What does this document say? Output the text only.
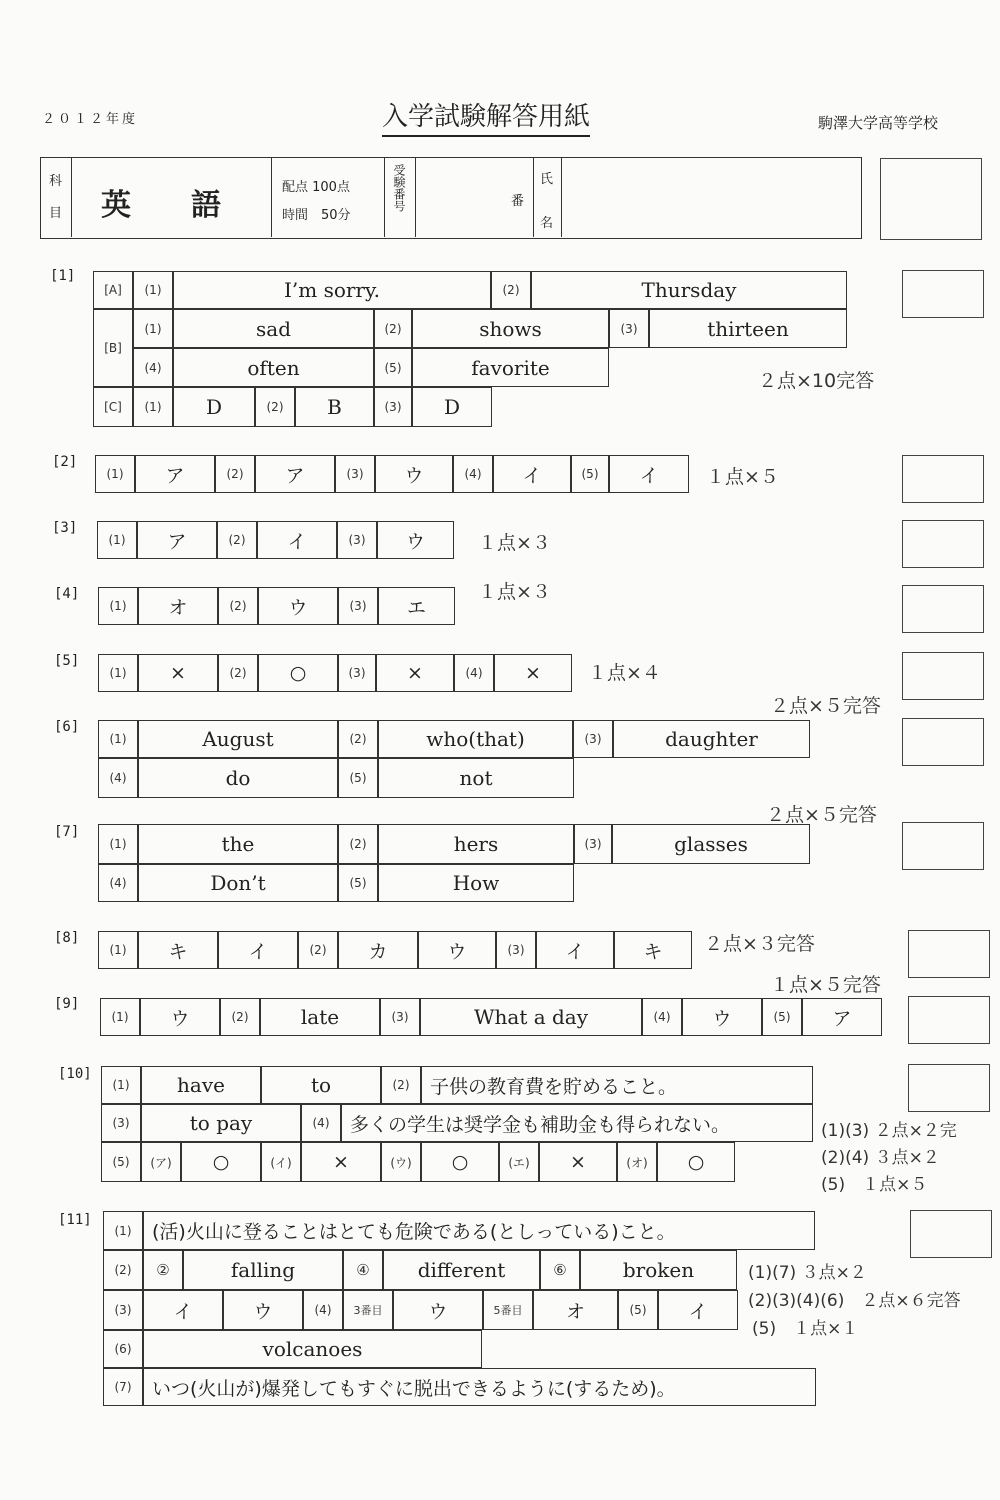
２０１２年度	入学試験解答用紙	駒澤大学高等学校
科
目 英　　語
配点 100点
時間　50分
受験番号	番
氏
名
[1]
[A]	(1)	I’m sorry.	(2)	Thursday
[B]
(1)	sad	(2)	shows	(3)	thirteen
(4)	often	(5)	favorite
[C]	(1)	D	(2)	B	(3)	D
２点×10完答
[2]
(1)	ア	(2)	ア	(3)	ウ	(4)	イ	(5)	イ	１点×５
[3]
(1)	ア	(2)	イ	(3)	ウ	１点×３
[4]
(1)	オ	(2)	ウ	(3)	エ
１点×３
[5]
(1)	×	(2)	○	(3)	×	(4)	×	１点×４
２点×５完答
[6]
(1)	August	(2)	who(that)	(3)	daughter
(4)	do	(5)	not
２点×５完答
[7]
(1)	the	(2)	hers	(3)	glasses
(4)	Don’t	(5)	How
[8]
(1)	キ	イ	(2)	カ	ウ	(3)	イ	キ	２点×３完答
１点×５完答
[9]
(1)	ウ	(2)	late	(3)	What a day	(4)	ウ	(5)	ア
[10]
(1)	have	to	(2)	子供の教育費を貯めること。
(3)	to pay	(4)	多くの学生は奨学金も補助金も得られない。
(5)	(ア)	○	(イ)	×	(ウ)	○	(エ)	×	(オ)	○
(1)(3) ２点×２完
(2)(4) ３点×２
(5)　１点×５
[11]
(1)	(活)火山に登ることはとても危険である(としっている)こと。
(2)	②	falling	④	different	⑥	broken
(3)	イ	ウ	(4)	3番目	ウ	5番目	オ	(5)	イ
(6)	volcanoes
(7)	いつ(火山が)爆発してもすぐに脱出できるように(するため)。
(1)(7) ３点×２
(2)(3)(4)(6)　２点×６完答
(5)　１点×１
